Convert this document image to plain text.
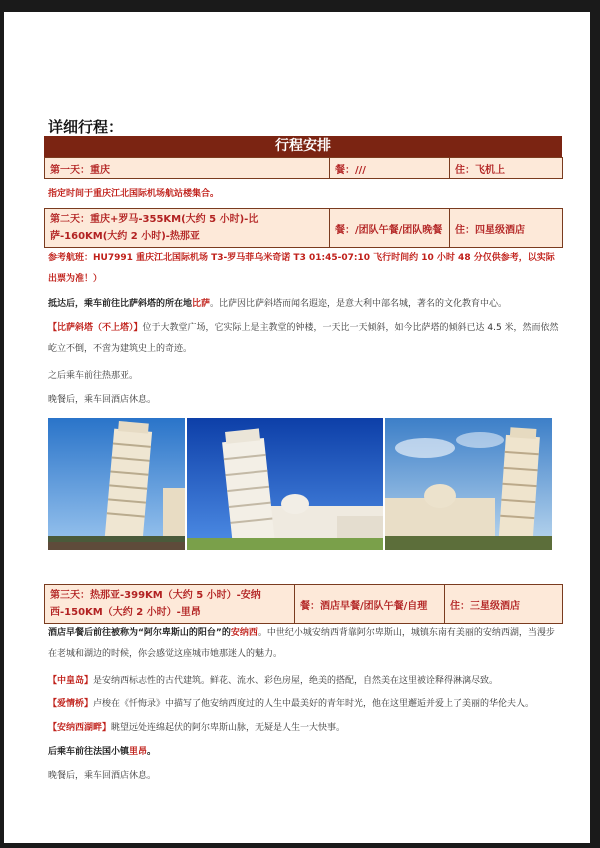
详细行程：
行程安排
第一天：重庆	餐：///	住：飞机上
指定时间于重庆江北国际机场航站楼集合。
第二天：重庆+罗马-355KM(大约 5 小时)-比萨-160KM(大约 2 小时)-热那亚	餐：/团队午餐/团队晚餐	住：四星级酒店
参考航班：HU7991 重庆江北国际机场 T3-罗马菲乌米奇诺 T3 01:45-07:10 飞行时间约 10 小时 48 分仅供参考，以实际出票为准！）
抵达后，乘车前往比萨斜塔的所在地比萨。比萨因比萨斜塔而闻名遐迩，是意大利中部名城，著名的文化教育中心。
【比萨斜塔（不上塔）】位于大教堂广场，它实际上是主教堂的钟楼，一天比一天倾斜，如今比萨塔的倾斜已达 4.5 米，然而依然屹立不倒，不啻为建筑史上的奇迹。
之后乘车前往热那亚。
晚餐后，乘车回酒店休息。
第三天：热那亚-399KM（大约 5 小时）-安纳西-150KM（大约 2 小时）-里昂	餐：酒店早餐/团队午餐/自理	住：三星级酒店
酒店早餐后前往被称为“阿尔卑斯山的阳台”的安纳西。中世纪小城安纳西背靠阿尔卑斯山，城镇东南有美丽的安纳西湖，当漫步在老城和湖边的时候，你会感觉这座城市她那迷人的魅力。
【中皇岛】是安纳西标志性的古代建筑。鲜花、流水、彩色房屋，绝美的搭配，自然美在这里被诠释得淋漓尽致。
【爱情桥】卢梭在《忏悔录》中描写了他安纳西度过的人生中最美好的青年时光，他在这里邂逅并爱上了美丽的华伦夫人。
【安纳西湖畔】眺望远处连绵起伏的阿尔卑斯山脉，无疑是人生一大快事。
后乘车前往法国小镇里昂。
晚餐后，乘车回酒店休息。
